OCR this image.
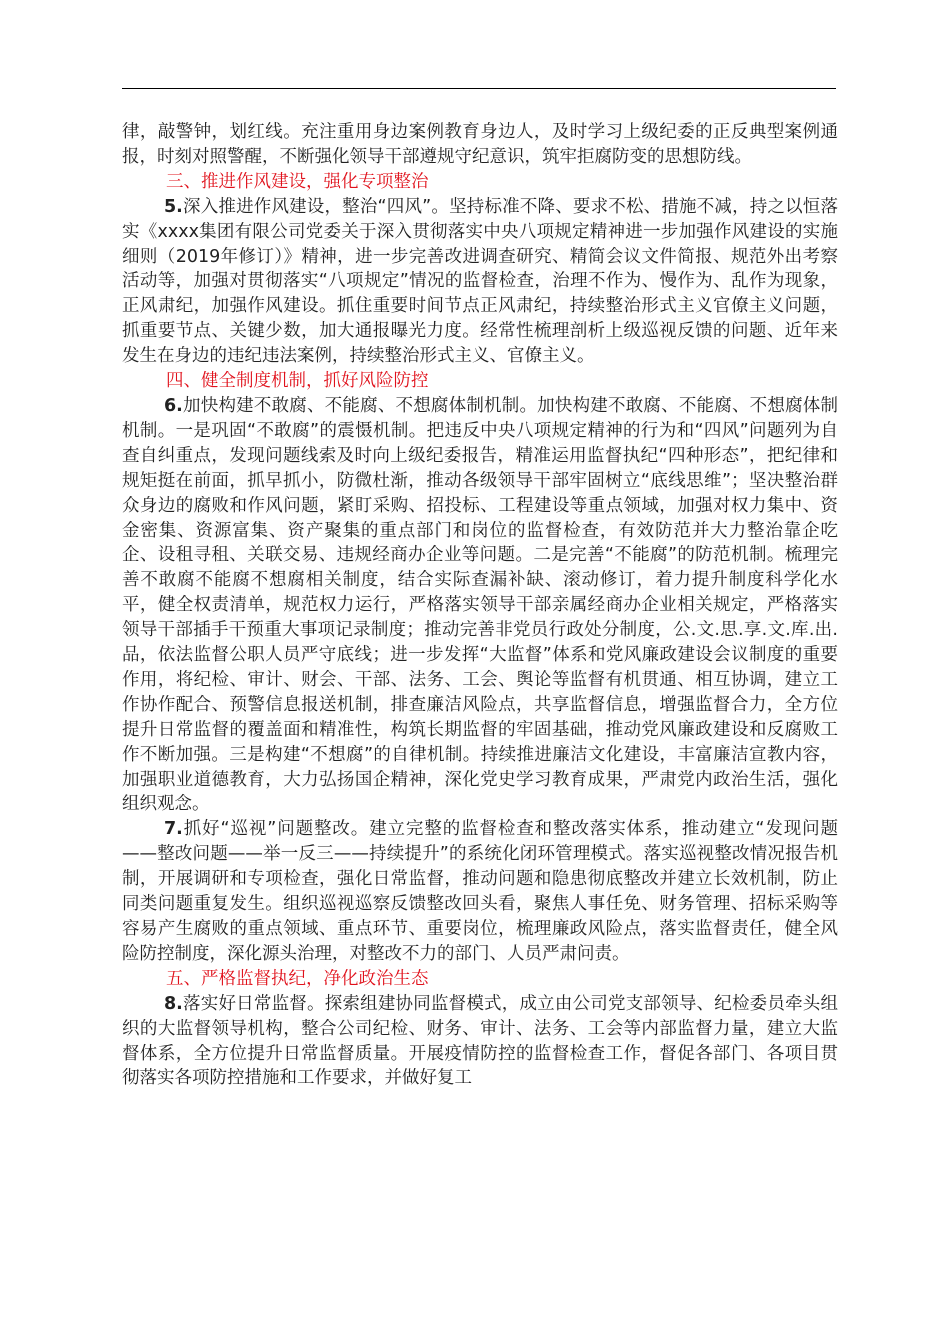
律，敲警钟，划红线。充注重用身边案例教育身边人，及时学习上级纪委的正反典型案例通报，时刻对照警醒，不断强化领导干部遵规守纪意识，筑牢拒腐防变的思想防线。

三、推进作风建设，强化专项整治

5.深入推进作风建设，整治“四风”。坚持标准不降、要求不松、措施不减，持之以恒落实《xxxx集团有限公司党委关于深入贯彻落实中央八项规定精神进一步加强作风建设的实施细则（2019年修订）》精神，进一步完善改进调查研究、精简会议文件简报、规范外出考察活动等，加强对贯彻落实“八项规定”情况的监督检查，治理不作为、慢作为、乱作为现象，正风肃纪，加强作风建设。抓住重要时间节点正风肃纪，持续整治形式主义官僚主义问题，抓重要节点、关键少数，加大通报曝光力度。经常性梳理剖析上级巡视反馈的问题、近年来发生在身边的违纪违法案例，持续整治形式主义、官僚主义。

四、健全制度机制，抓好风险防控

6.加快构建不敢腐、不能腐、不想腐体制机制。加快构建不敢腐、不能腐、不想腐体制机制。一是巩固“不敢腐”的震慑机制。把违反中央八项规定精神的行为和“四风”问题列为自查自纠重点，发现问题线索及时向上级纪委报告，精准运用监督执纪“四种形态”，把纪律和规矩挺在前面，抓早抓小，防微杜渐，推动各级领导干部牢固树立“底线思维”；坚决整治群众身边的腐败和作风问题，紧盯采购、招投标、工程建设等重点领域，加强对权力集中、资金密集、资源富集、资产聚集的重点部门和岗位的监督检查，有效防范并大力整治靠企吃企、设租寻租、关联交易、违规经商办企业等问题。二是完善“不能腐”的防范机制。梳理完善不敢腐不能腐不想腐相关制度，结合实际查漏补缺、滚动修订，着力提升制度科学化水平，健全权责清单，规范权力运行，严格落实领导干部亲属经商办企业相关规定，严格落实领导干部插手干预重大事项记录制度；推动完善非党员行政处分制度，公.文.思.享.文.库.出.品，依法监督公职人员严守底线；进一步发挥“大监督”体系和党风廉政建设会议制度的重要作用，将纪检、审计、财会、干部、法务、工会、舆论等监督有机贯通、相互协调，建立工作协作配合、预警信息报送机制，排查廉洁风险点，共享监督信息，增强监督合力，全方位提升日常监督的覆盖面和精准性，构筑长期监督的牢固基础，推动党风廉政建设和反腐败工作不断加强。三是构建“不想腐”的自律机制。持续推进廉洁文化建设，丰富廉洁宣教内容，加强职业道德教育，大力弘扬国企精神，深化党史学习教育成果，严肃党内政治生活，强化组织观念。

7.抓好“巡视”问题整改。建立完整的监督检查和整改落实体系，推动建立“发现问题——整改问题——举一反三——持续提升”的系统化闭环管理模式。落实巡视整改情况报告机制，开展调研和专项检查，强化日常监督，推动问题和隐患彻底整改并建立长效机制，防止同类问题重复发生。组织巡视巡察反馈整改回头看，聚焦人事任免、财务管理、招标采购等容易产生腐败的重点领域、重点环节、重要岗位，梳理廉政风险点，落实监督责任，健全风险防控制度，深化源头治理，对整改不力的部门、人员严肃问责。

五、严格监督执纪，净化政治生态

8.落实好日常监督。探索组建协同监督模式，成立由公司党支部领导、纪检委员牵头组织的大监督领导机构，整合公司纪检、财务、审计、法务、工会等内部监督力量，建立大监督体系，全方位提升日常监督质量。开展疫情防控的监督检查工作，督促各部门、各项目贯彻落实各项防控措施和工作要求，并做好复工
